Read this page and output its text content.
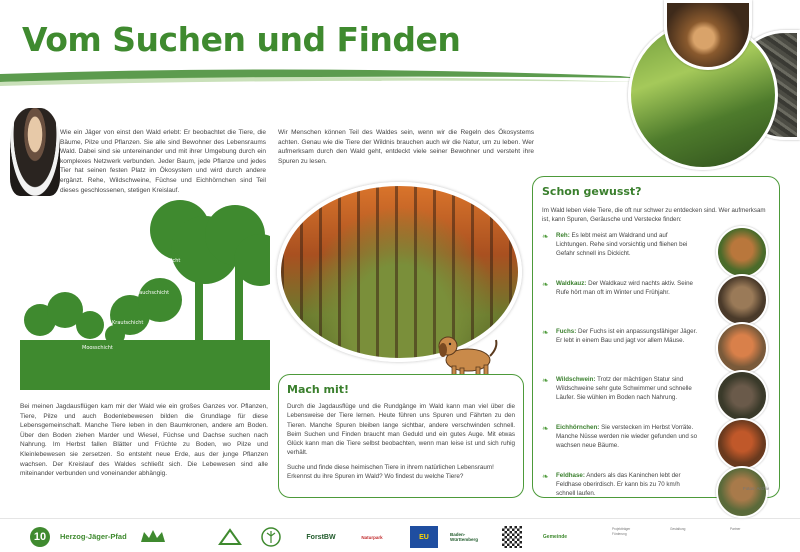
Vom Suchen und Finden
Wie ein Jäger von einst den Wald erlebt: Er beobachtet die Tiere, die Bäume, Pilze und Pflanzen. Sie alle sind Bewohner des Lebensraums Wald. Dabei sind sie untereinander und mit ihrer Umgebung durch ein komplexes Netzwerk verbunden. Jeder Baum, jede Pflanze und jedes Tier hat seinen festen Platz im Ökosystem und wird durch andere ergänzt. Rehe, Wildschweine, Füchse und Eichhörnchen sind Teil dieses geschlossenen, stetigen Kreislauf.
Wir Menschen können Teil des Waldes sein, wenn wir die Regeln des Ökosystems achten. Genau wie die Tiere der Wildnis brauchen auch wir die Natur, um zu leben. Wer aufmerksam durch den Wald geht, entdeckt viele seiner Bewohner und versteht ihre Spuren zu lesen.
Baumschicht
Strauchschicht
Krautschicht
Moosschicht
Bei meinen Jagdausflügen kam mir der Wald wie ein großes Ganzes vor. Pflanzen, Tiere, Pilze und auch Bodenlebewesen bilden die Grundlage für diese Lebensgemeinschaft. Manche Tiere leben in den Baumkronen, andere am Boden. Über den Boden ziehen Marder und Wiesel, Füchse und Dachse suchen nach Nahrung. Im Herbst fallen Blätter und Früchte zu Boden, wo Pilze und Kleinlebewesen sie zersetzen. So entsteht neue Erde, aus der junge Pflanzen wachsen. Der Kreislauf des Waldes schließt sich. Die Lebewesen sind alle miteinander verbunden und voneinander abhängig.
Mach mit!
Durch die Jagdausflüge und die Rundgänge im Wald kann man viel über die Lebensweise der Tiere lernen. Heute führen uns Spuren und Fährten zu den Tieren. Manche Spuren bleiben lange sichtbar, andere verschwinden schnell. Beim Suchen und Finden braucht man Geduld und ein gutes Auge. Mit etwas Glück kann man die Tiere selbst beobachten, wenn man leise ist und sich ruhig verhält.
Suche und finde diese heimischen Tiere in ihrem natürlichen Lebensraum! Erkennst du ihre Spuren im Wald? Wo findest du welche Tiere?
Schon gewusst?
Im Wald leben viele Tiere, die oft nur schwer zu entdecken sind. Wer aufmerksam ist, kann Spuren, Geräusche und Verstecke finden:
❧	Reh: Es lebt meist am Waldrand und auf Lichtungen. Rehe sind vorsichtig und fliehen bei Gefahr schnell ins Dickicht.
❧	Waldkauz: Der Waldkauz wird nachts aktiv. Seine Rufe hört man oft im Winter und Frühjahr.
❧	Fuchs: Der Fuchs ist ein anpassungsfähiger Jäger. Er lebt in einem Bau und jagt vor allem Mäuse.
❧	Wildschwein: Trotz der mächtigen Statur sind Wildschweine sehr gute Schwimmer und schnelle Läufer. Sie wühlen im Boden nach Nahrung.
❧	Eichhörnchen: Sie verstecken im Herbst Vorräte. Manche Nüsse werden nie wieder gefunden und so wachsen neue Bäume.
❧	Feldhase: Anders als das Kaninchen lebt der Feldhase oberirdisch. Er kann bis zu 70 km/h schnell laufen.
Fotos: Archiv
10	Herzog-Jäger-Pfad	ForstBW	Naturpark	EU	Baden-Württemberg	Gemeinde
Projektträger
Förderung
Gestaltung	Partner
